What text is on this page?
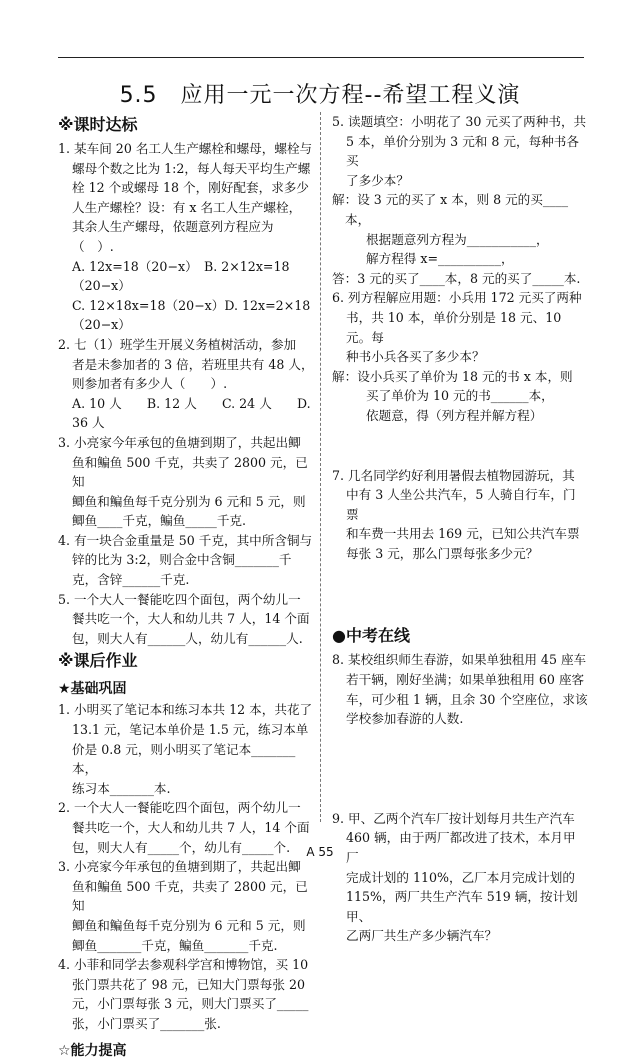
5.5　应用一元一次方程--希望工程义演
※课时达标

1. 某车间 20 名工人生产螺栓和螺母，螺栓与

螺母个数之比为 1:2，每人每天平均生产螺

栓 12 个或螺母 18 个，刚好配套，求多少

人生产螺栓？设：有 x 名工人生产螺栓，

其余人生产螺母，依题意列方程应为（　）.

A. 12x=18（20−x）　B. 2×12x=18（20−x）

C. 12×18x=18（20−x）D. 12x=2×18（20−x）

2. 七（1）班学生开展义务植树活动，参加

者是未参加者的 3 倍，若班里共有 48 人，

则参加者有多少人（　　）.

A. 10 人　　B. 12 人　　C. 24 人　　D. 36 人

3. 小亮家今年承包的鱼塘到期了，共起出鲫

鱼和鳊鱼 500 千克，共卖了 2800 元，已知

鲫鱼和鳊鱼每千克分别为 6 元和 5 元，则

鲫鱼____千克，鳊鱼_____千克.

4. 有一块合金重量是 50 千克，其中所含铜与

锌的比为 3:2，则合金中含铜_______千

克，含锌______千克.

5. 一个大人一餐能吃四个面包，两个幼儿一

餐共吃一个，大人和幼儿共 7 人，14 个面

包，则大人有______人，幼儿有______人.

※课后作业
★基础巩固

1. 小明买了笔记本和练习本共 12 本，共花了

13.1 元，笔记本单价是 1.5 元，练习本单

价是 0.8 元，则小明买了笔记本_______本，

练习本_______本.

2. 一个大人一餐能吃四个面包，两个幼儿一

餐共吃一个，大人和幼儿共 7 人，14 个面

包，则大人有_____个，幼儿有_____个.

3. 小亮家今年承包的鱼塘到期了，共起出鲫

鱼和鳊鱼 500 千克，共卖了 2800 元，已知

鲫鱼和鳊鱼每千克分别为 6 元和 5 元，则

鲫鱼_______千克，鳊鱼_______千克.

4. 小菲和同学去参观科学宫和博物馆，买 10

张门票共花了 98 元，已知大门票每张 20

元，小门票每张 3 元，则大门票买了_____

张，小门票买了_______张.

☆能力提高

5. 读题填空：小明花了 30 元买了两种书，共

5 本，单价分别为 3 元和 8 元，每种书各买

了多少本？

解：设 3 元的买了 x 本，则 8 元的买____本，

根据题意列方程为___________，

解方程得 x=__________，

答：3 元的买了____本，8 元的买了_____本.

6. 列方程解应用题：小兵用 172 元买了两种

书，共 10 本，单价分别是 18 元、10 元。每

种书小兵各买了多少本？

解：设小兵买了单价为 18 元的书 x 本，则

买了单价为 10 元的书______本，

依题意，得（列方程并解方程）

7. 几名同学约好利用暑假去植物园游玩，其

中有 3 人坐公共汽车，5 人骑自行车，门票

和车费一共用去 169 元，已知公共汽车票

每张 3 元，那么门票每张多少元？

●中考在线

8. 某校组织师生春游，如果单独租用 45 座车

若干辆，刚好坐满；如果单独租用 60 座客

车，可少租 1 辆，且余 30 个空座位，求该

学校参加春游的人数.

9. 甲、乙两个汽车厂按计划每月共生产汽车

460 辆，由于两厂都改进了技术，本月甲厂

完成计划的 110%，乙厂本月完成计划的

115%，两厂共生产汽车 519 辆，按计划甲、

乙两厂共生产多少辆汽车？

A 55
